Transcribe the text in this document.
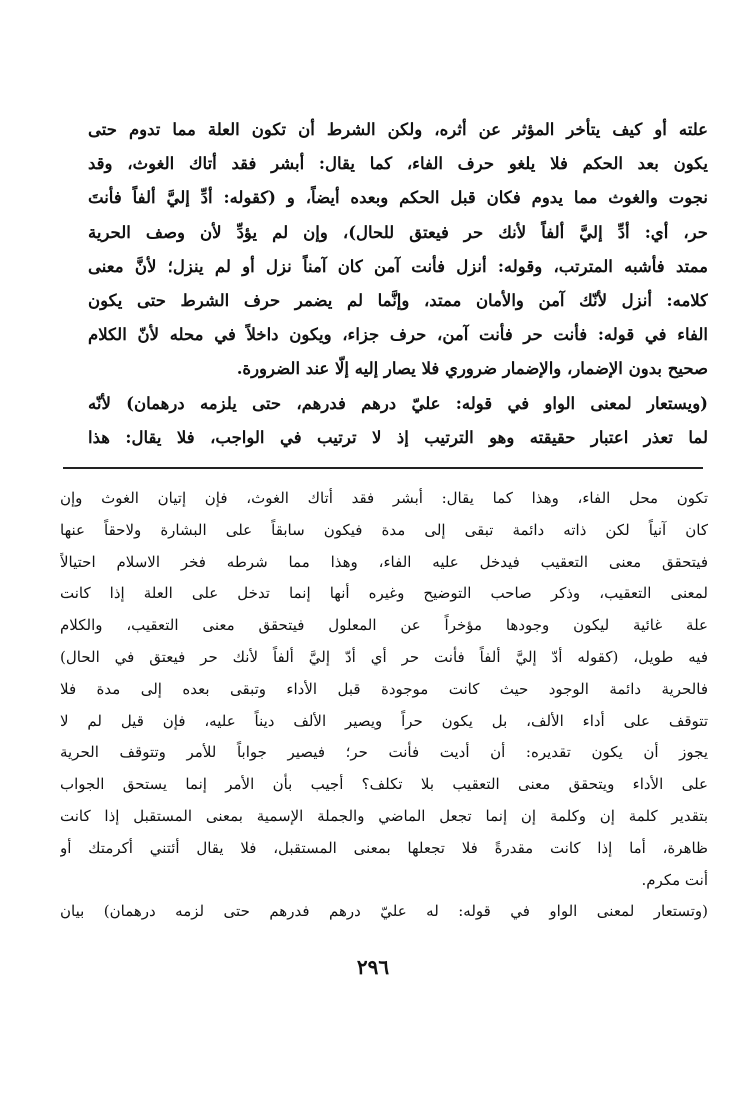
علته أو كيف يتأخر المؤثر عن أثره، ولكن الشرط أن تكون العلة مما تدوم حتى
يكون بعد الحكم فلا يلغو حرف الفاء، كما يقال: أبشر فقد أتاك الغوث، وقد
نجوت والغوث مما يدوم فكان قبل الحكم وبعده أيضاً، و (كقوله: أدِّ إليَّ ألفاً فأنتَ
حر، أي: أدِّ إليَّ ألفاً لأنك حر فيعتق للحال)، وإن لم يؤدِّ لأن وصف الحرية
ممتد فأشبه المترتب، وقوله: أنزل فأنت آمن كان آمناً نزل أو لم ينزل؛ لأنَّ معنى
كلامه: أنزل لأنّك آمن والأمان ممتد، وإنَّما لم يضمر حرف الشرط حتى يكون
الفاء في قوله: فأنت حر فأنت آمن، حرف جزاء، ويكون داخلاً في محله لأنّ الكلام
صحيح بدون الإضمار، والإضمار ضروري فلا يصار إليه إلّا عند الضرورة.
(ويستعار لمعنى الواو في قوله: عليّ درهم فدرهم، حتى يلزمه درهمان) لأنّه
لما تعذر اعتبار حقيقته وهو الترتيب إذ لا ترتيب في الواجب، فلا يقال: هذا
تكون محل الفاء، وهذا كما يقال: أبشر فقد أتاك الغوث، فإن إتيان الغوث وإن
كان آنياً لكن ذاته دائمة تبقى إلى مدة فيكون سابقاً على البشارة ولاحقاً عنها
فيتحقق معنى التعقيب فيدخل عليه الفاء، وهذا مما شرطه فخر الاسلام احتيالاً
لمعنى التعقيب، وذكر صاحب التوضيح وغيره أنها إنما تدخل على العلة إذا كانت
علة غائية ليكون وجودها مؤخراً عن المعلول فيتحقق معنى التعقيب، والكلام
فيه طويل، (كقوله أدّ إليَّ ألفاً فأنت حر أي أدّ إليَّ ألفاً لأنك حر فيعتق في الحال)
فالحرية دائمة الوجود حيث كانت موجودة قبل الأداء وتبقى بعده إلى مدة فلا
تتوقف على أداء الألف، بل يكون حراً ويصير الألف ديناً عليه، فإن قيل لم لا
يجوز أن يكون تقديره: أن أديت فأنت حر؛ فيصير جواباً للأمر وتتوقف الحرية
على الأداء ويتحقق معنى التعقيب بلا تكلف؟ أجيب بأن الأمر إنما يستحق الجواب
بتقدير كلمة إن وكلمة إن إنما تجعل الماضي والجملة الإسمية بمعنى المستقبل إذا كانت
ظاهرة، أما إذا كانت مقدرةً فلا تجعلها بمعنى المستقبل، فلا يقال أئتني أكرمتك أو
أنت مكرم.
(وتستعار لمعنى الواو في قوله: له عليّ درهم فدرهم حتى لزمه درهمان) بيان
٢٩٦
